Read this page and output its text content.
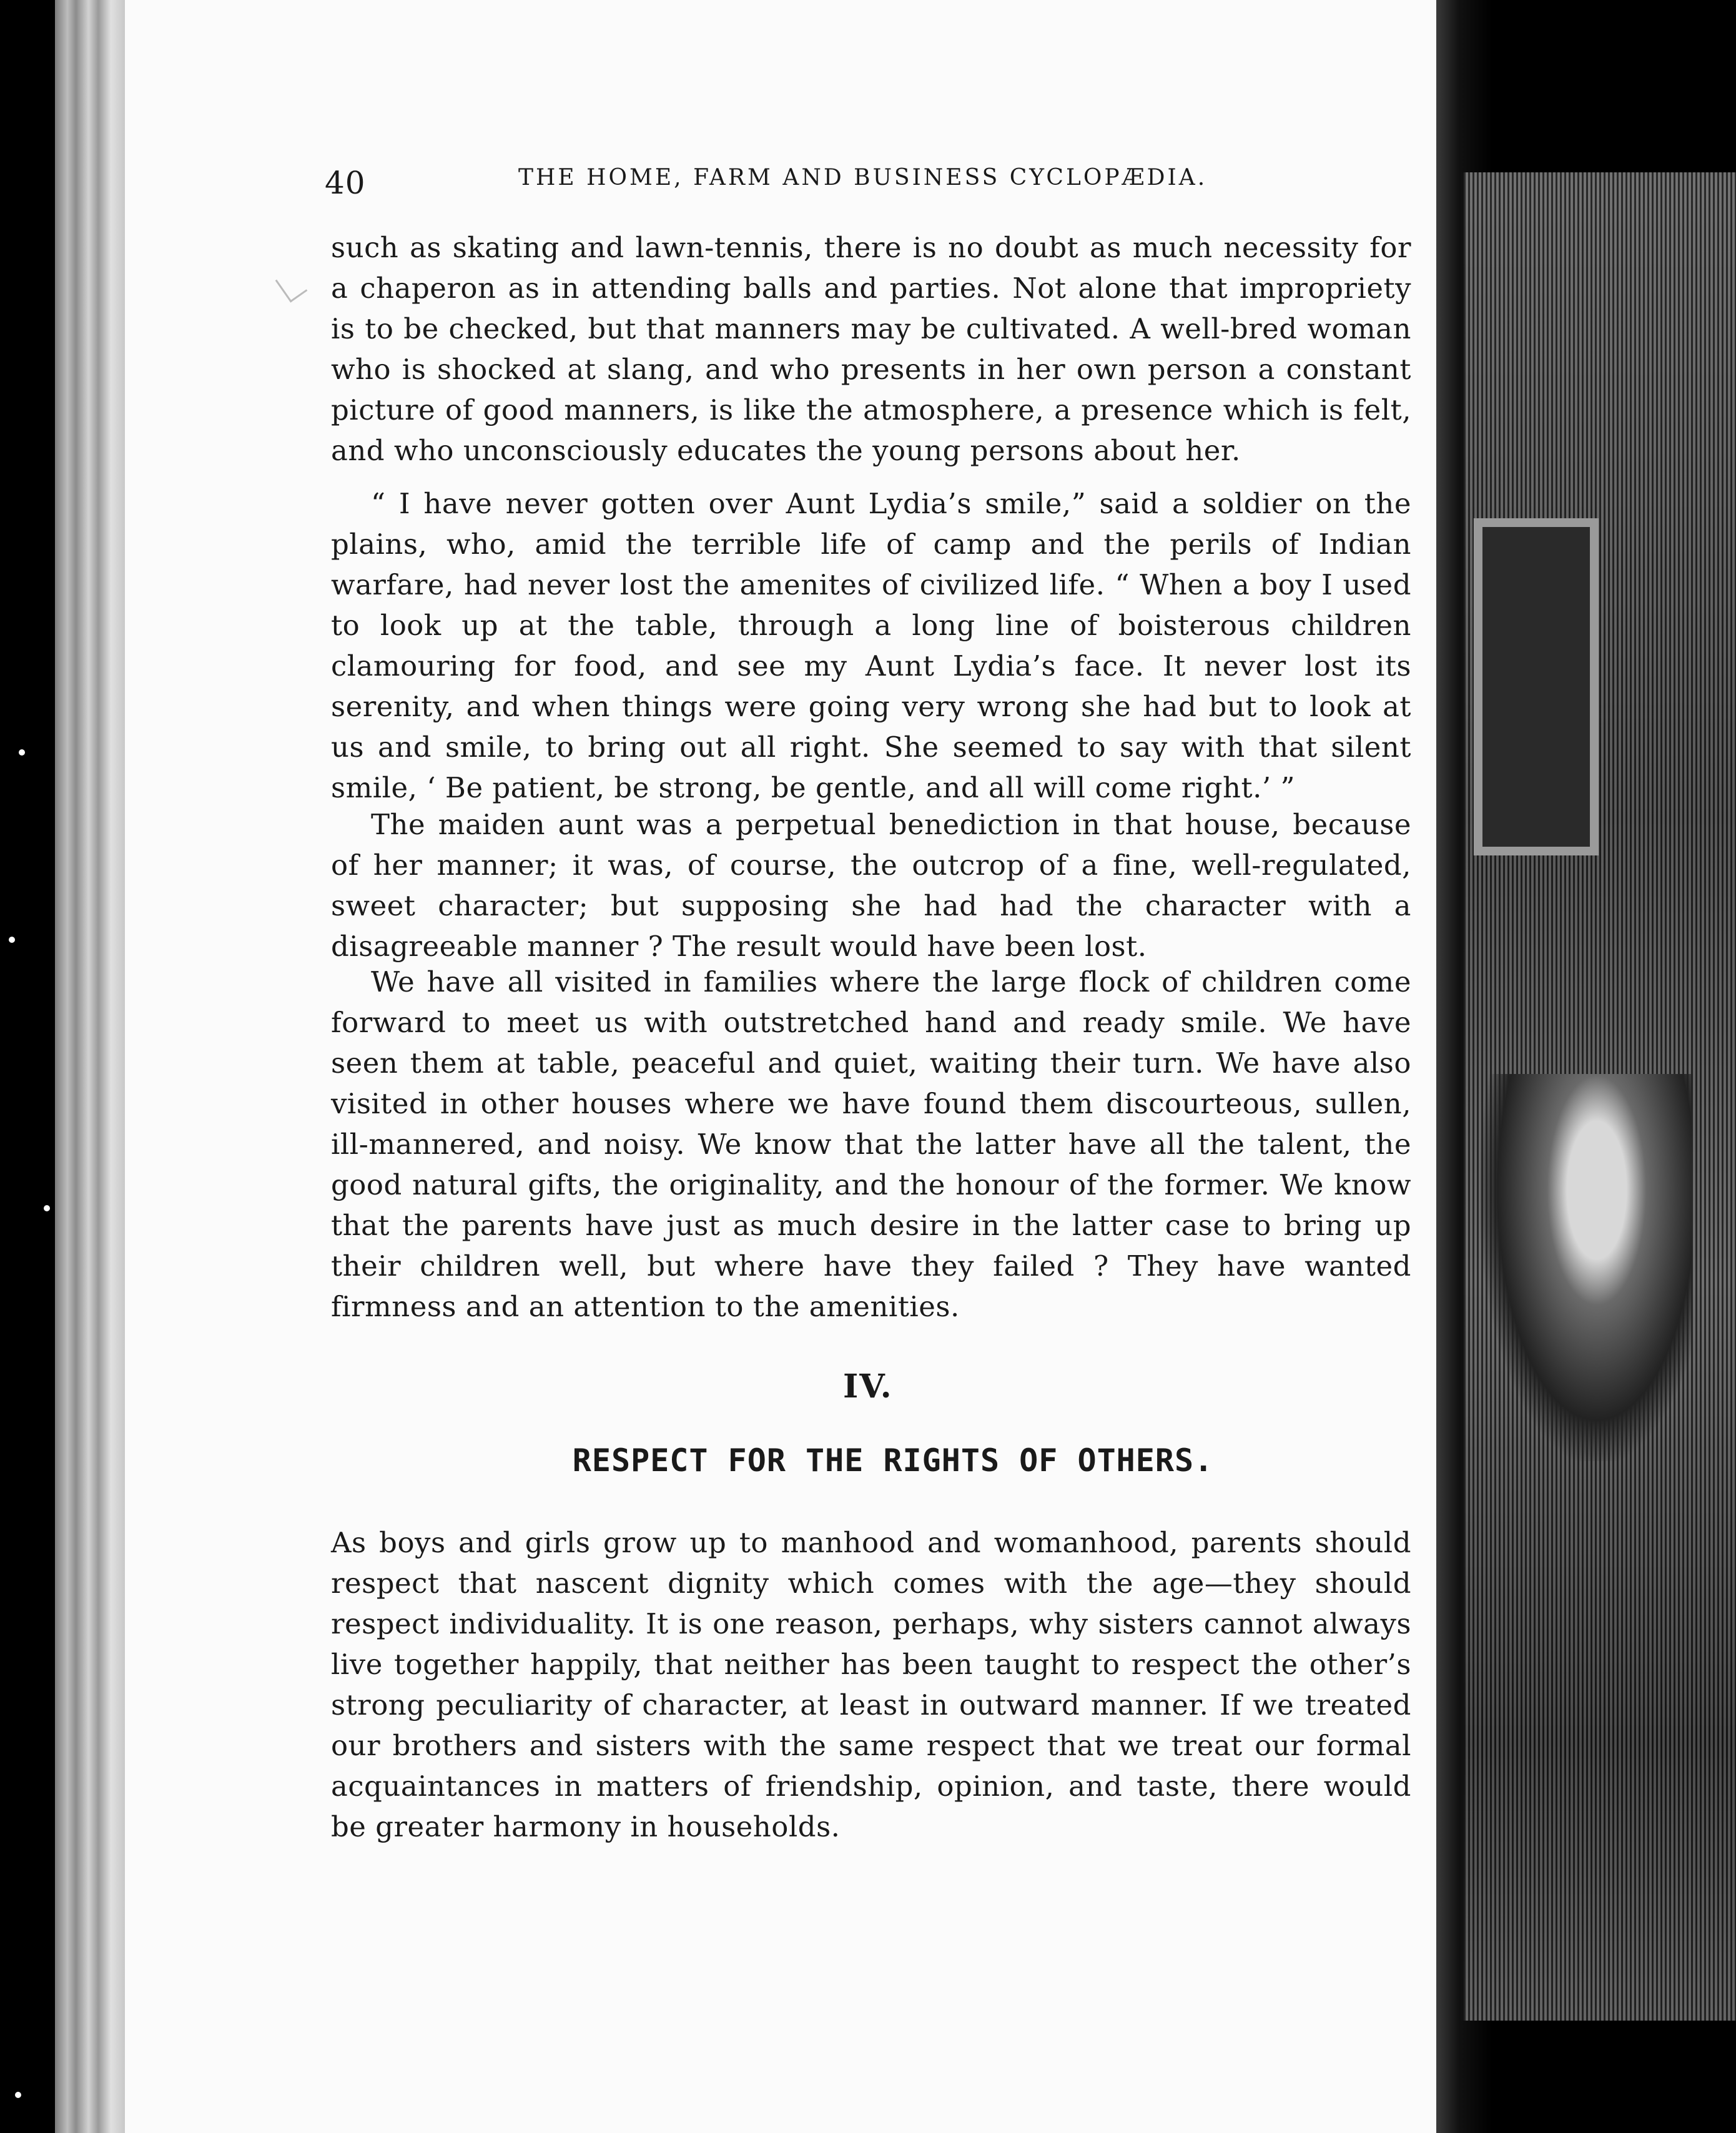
40	THE HOME, FARM AND BUSINESS CYCLOPÆDIA.

such as skating and lawn-tennis, there is no doubt as much necessity for a chaperon as in attending balls and parties. Not alone that impropriety is to be checked, but that manners may be cultivated. A well-bred woman who is shocked at slang, and who presents in her own person a constant picture of good manners, is like the atmosphere, a presence which is felt, and who unconsciously educates the young persons about her.

“ I have never gotten over Aunt Lydia’s smile,” said a soldier on the plains, who, amid the terrible life of camp and the perils of Indian warfare, had never lost the amenites of civilized life. “ When a boy I used to look up at the table, through a long line of boisterous children clamouring for food, and see my Aunt Lydia’s face. It never lost its serenity, and when things were going very wrong she had but to look at us and smile, to bring out all right. She seemed to say with that silent smile, ‘ Be patient, be strong, be gentle, and all will come right.’ ”

The maiden aunt was a perpetual benediction in that house, because of her manner; it was, of course, the outcrop of a fine, well-regulated, sweet character; but supposing she had had the character with a disagreeable manner ? The result would have been lost.

We have all visited in families where the large flock of children come forward to meet us with outstretched hand and ready smile. We have seen them at table, peaceful and quiet, waiting their turn. We have also visited in other houses where we have found them discourteous, sullen, ill-mannered, and noisy. We know that the latter have all the talent, the good natural gifts, the originality, and the honour of the former. We know that the parents have just as much desire in the latter case to bring up their children well, but where have they failed ? They have wanted firmness and an attention to the amenities.

IV.
RESPECT FOR THE RIGHTS OF OTHERS.

As boys and girls grow up to manhood and womanhood, parents should respect that nascent dignity which comes with the age—they should respect individuality. It is one reason, perhaps, why sisters cannot always live together happily, that neither has been taught to respect the other’s strong peculiarity of character, at least in outward manner. If we treated our brothers and sisters with the same respect that we treat our formal acquaintances in matters of friendship, opinion, and taste, there would be greater harmony in households.
